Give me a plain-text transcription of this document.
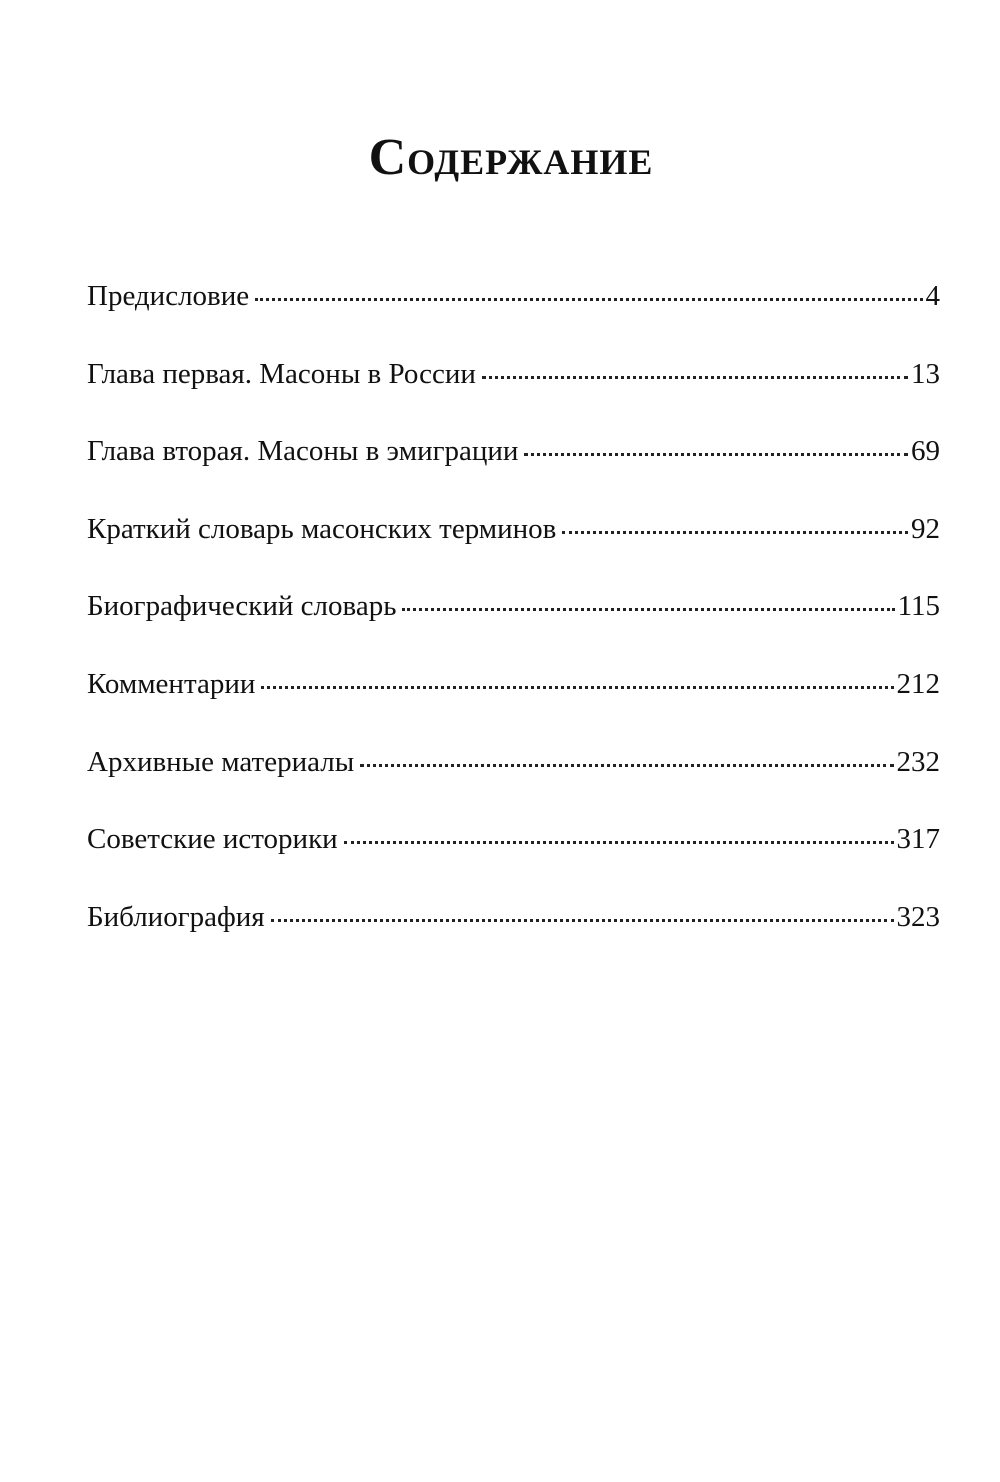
Содержание
Предисловие	4
Глава первая. Масоны в России	13
Глава вторая. Масоны в эмиграции	69
Краткий словарь масонских терминов	92
Биографический словарь	115
Комментарии	212
Архивные материалы	232
Советские историки	317
Библиография	323
